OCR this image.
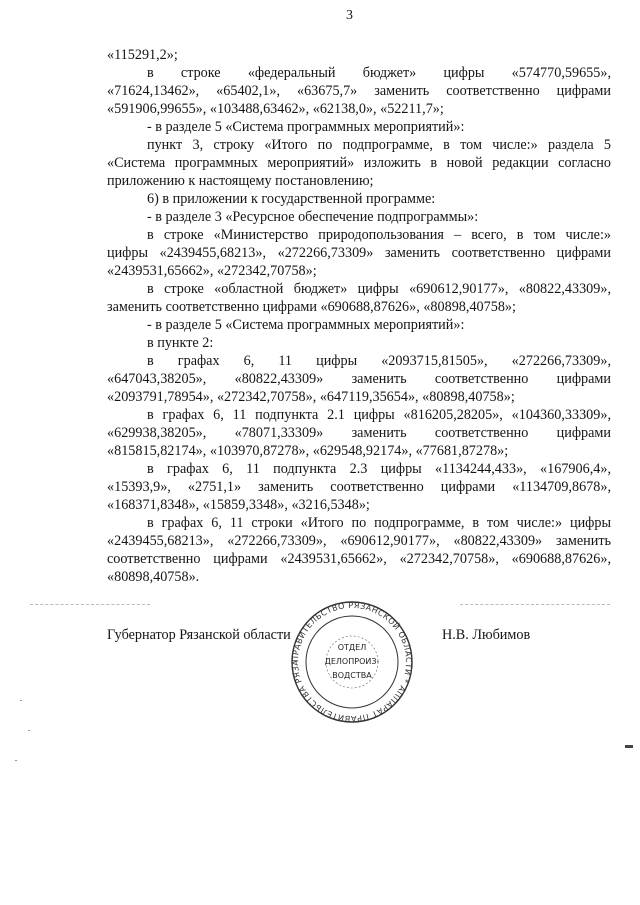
3
«115291,2»;
в строке «федеральный бюджет» цифры «574770,59655»,
«71624,13462», «65402,1», «63675,7» заменить соответственно цифрами
«591906,99655», «103488,63462», «62138,0», «52211,7»;
- в разделе 5 «Система программных мероприятий»:
пункт 3, строку «Итого по подпрограмме, в том числе:» раздела 5
«Система программных мероприятий» изложить в новой редакции согласно
приложению к настоящему постановлению;
6) в приложении к государственной программе:
- в разделе 3 «Ресурсное обеспечение подпрограммы»:
в строке «Министерство природопользования – всего, в том числе:»
цифры «2439455,68213», «272266,73309» заменить соответственно цифрами
«2439531,65662», «272342,70758»;
в строке «областной бюджет» цифры «690612,90177», «80822,43309»,
заменить соответственно цифрами «690688,87626», «80898,40758»;
- в разделе 5 «Система программных мероприятий»:
в пункте 2:
в графах 6, 11 цифры «2093715,81505», «272266,73309»,
«647043,38205», «80822,43309» заменить соответственно цифрами
«2093791,78954», «272342,70758», «647119,35654», «80898,40758»;
в графах 6, 11 подпункта 2.1 цифры «816205,28205», «104360,33309»,
«629938,38205», «78071,33309» заменить соответственно цифрами
«815815,82174», «103970,87278», «629548,92174», «77681,87278»;
в графах 6, 11 подпункта 2.3 цифры «1134244,433», «167906,4»,
«15393,9», «2751,1» заменить соответственно цифрами «1134709,8678»,
«168371,8348», «15859,3348», «3216,5348»;
в графах 6, 11 строки «Итого по подпрограмме, в том числе:» цифры
«2439455,68213», «272266,73309», «690612,90177», «80822,43309» заменить
соответственно цифрами «2439531,65662», «272342,70758», «690688,87626»,
«80898,40758».
Губернатор Рязанской области	Н.В. Любимов
ПРАВИТЕЛЬСТВО РЯЗАНСКОЙ ОБЛАСТИ * АППАРАТ ПРАВИТЕЛЬСТВА РЯЗА
ОТДЕЛ
ДЕЛОПРОИЗ-
ВОДСТВА
